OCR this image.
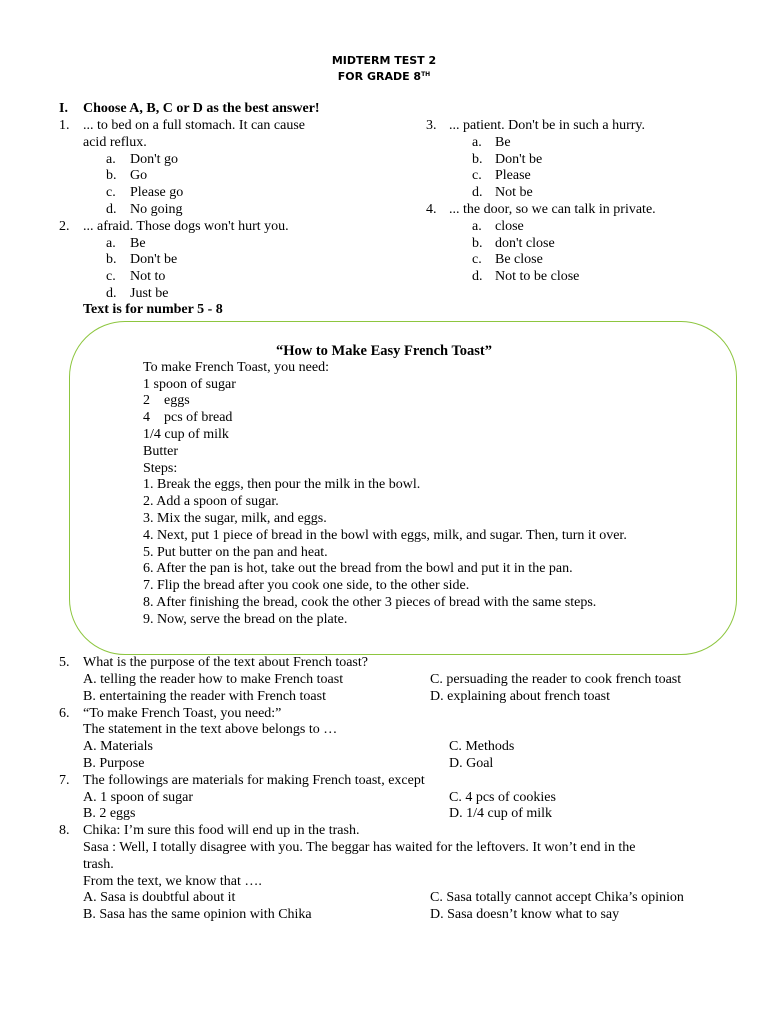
MIDTERM TEST 2
FOR GRADE 8TH
I. Choose A, B, C or D as the best answer!
1. ... to bed on a full stomach. It can cause
acid reflux.
a. Don't go
b. Go
c. Please go
d. No going
2. ... afraid. Those dogs won't hurt you.
a. Be
b. Don't be
c. Not to
d. Just be
3. ... patient. Don't be in such a hurry.
a. Be
b. Don't be
c. Please
d. Not be
4. ... the door, so we can talk in private.
a. close
b. don't close
c. Be close
d. Not to be close
Text is for number 5 - 8
“How to Make Easy French Toast”
To make French Toast, you need:
1 spoon of sugar
2    eggs
4    pcs of bread
1/4 cup of milk
Butter
Steps:
1. Break the eggs, then pour the milk in the bowl.
2. Add a spoon of sugar.
3. Mix the sugar, milk, and eggs.
4. Next, put 1 piece of bread in the bowl with eggs, milk, and sugar. Then, turn it over.
5. Put butter on the pan and heat.
6. After the pan is hot, take out the bread from the bowl and put it in the pan.
7. Flip the bread after you cook one side, to the other side.
8. After finishing the bread, cook the other 3 pieces of bread with the same steps.
9. Now, serve the bread on the plate.
5. What is the purpose of the text about French toast?
A. telling the reader how to make French toast	C. persuading the reader to cook french toast
B. entertaining the reader with French toast	D. explaining about french toast
6. “To make French Toast, you need:”
The statement in the text above belongs to …
A. Materials	C. Methods
B. Purpose	D. Goal
7. The followings are materials for making French toast, except
A. 1 spoon of sugar	C. 4 pcs of cookies
B. 2 eggs	D. 1/4 cup of milk
8. Chika: I’m sure this food will end up in the trash.
Sasa : Well, I totally disagree with you. The beggar has waited for the leftovers. It won’t end in the
trash.
From the text, we know that ….
A. Sasa is doubtful about it	C. Sasa totally cannot accept Chika’s opinion
B. Sasa has the same opinion with Chika	D. Sasa doesn’t know what to say
